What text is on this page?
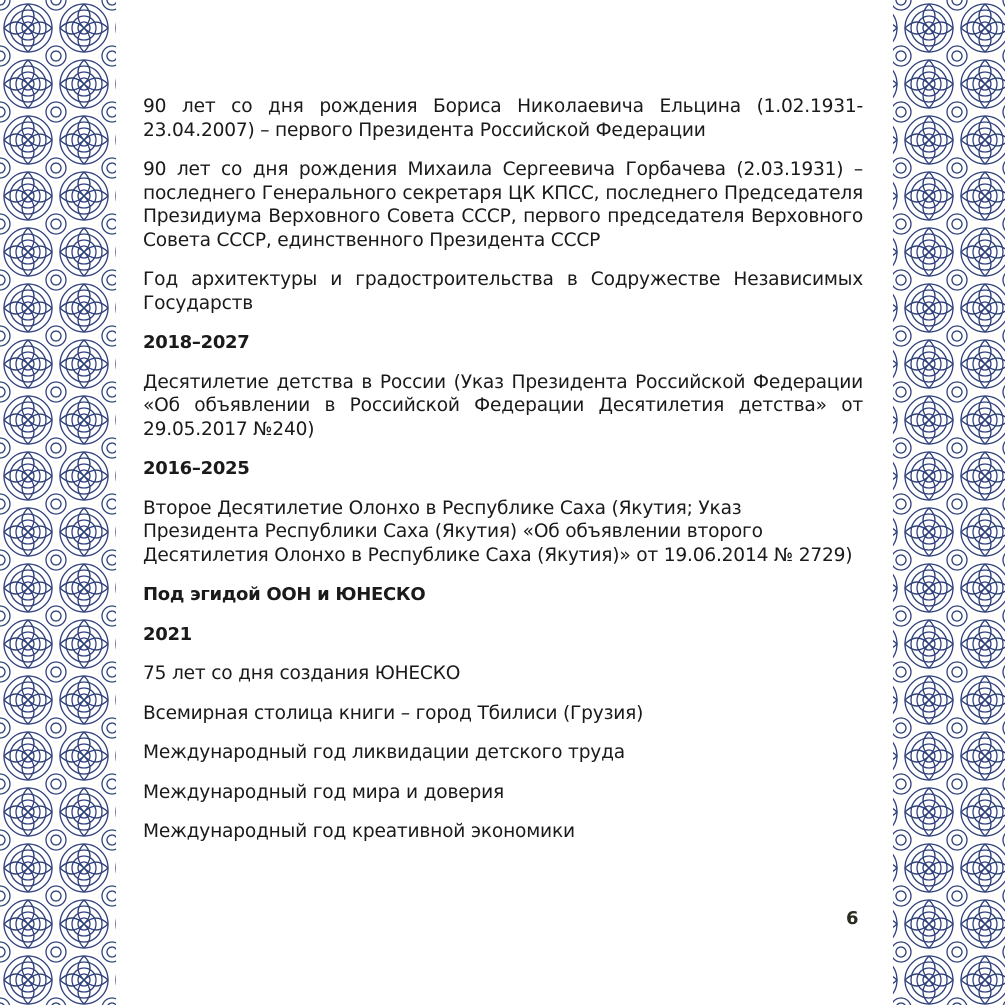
90 лет со дня рождения Бориса Николаевича Ельцина (1.02.1931-23.04.2007) – первого Президента Российской Федерации

90 лет со дня рождения Михаила Сергеевича Горбачева (2.03.1931) – последнего Генерального секретаря ЦК КПСС, последнего Председателя Президиума Верховного Совета СССР, первого председателя Верховного Совета СССР, единственного Президента СССР

Год архитектуры и градостроительства в Содружестве Независимых Государств

2018–2027

Десятилетие детства в России (Указ Президента Российской Федерации «Об объявлении в Российской Федерации Десятилетия детства» от 29.05.2017 №240)

2016–2025

Второе Десятилетие Олонхо в Республике Саха (Якутия; Указ Президента Республики Саха (Якутия) «Об объявлении второго Десятилетия Олонхо в Республике Саха (Якутия)» от 19.06.2014 № 2729)

Под эгидой ООН и ЮНЕСКО
2021

75 лет со дня создания ЮНЕСКО

Всемирная столица книги – город Тбилиси (Грузия)

Международный год ликвидации детского труда

Международный год мира и доверия

Международный год креативной экономики

6
